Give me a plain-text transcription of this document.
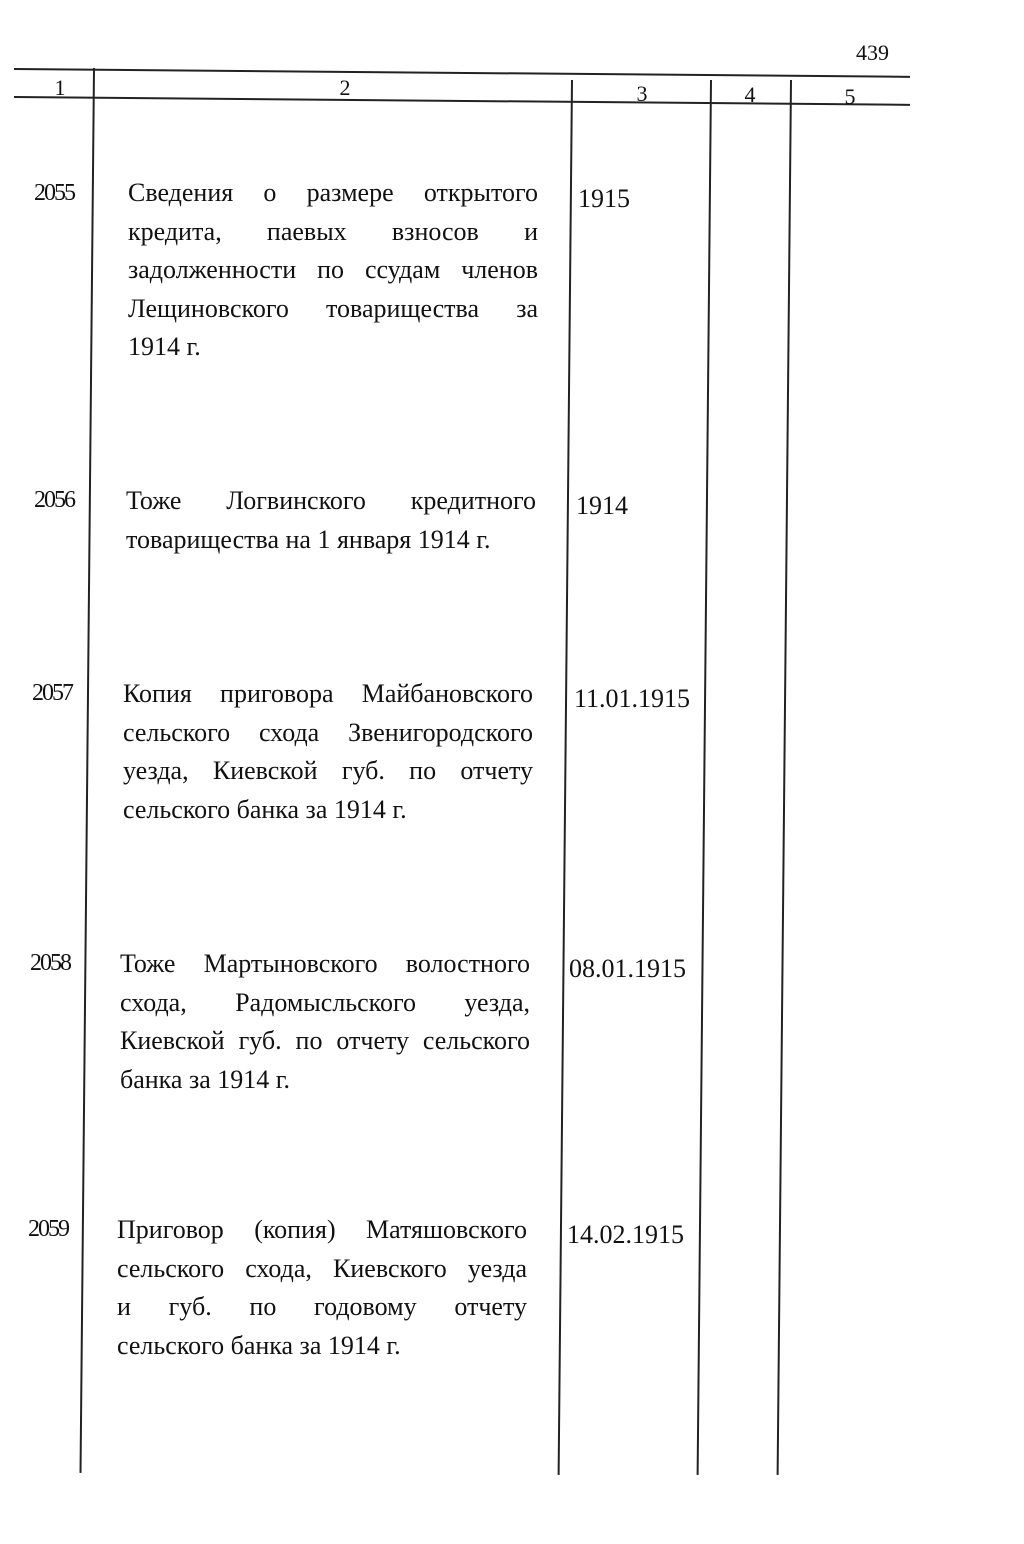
439
1	2	3	4	5
2055 Сведения о размере открытого
кредита, паевых взносов и
задолженности по ссудам членов
Лещиновского товарищества за
1914 г.
1915
2056 Тоже Логвинского кредитного
товарищества на 1 января 1914 г.
1914
2057 Копия приговора Майбановского
сельского схода Звенигородского
уезда, Киевской губ. по отчету
сельского банка за 1914 г.
11.01.1915
2058 Тоже Мартыновского волостного
схода, Радомысльского уезда,
Киевской губ. по отчету сельского
банка за 1914 г.
08.01.1915
2059 Приговор (копия) Матяшовского
сельского схода, Киевского уезда
и губ. по годовому отчету
сельского банка за 1914 г.
14.02.1915
